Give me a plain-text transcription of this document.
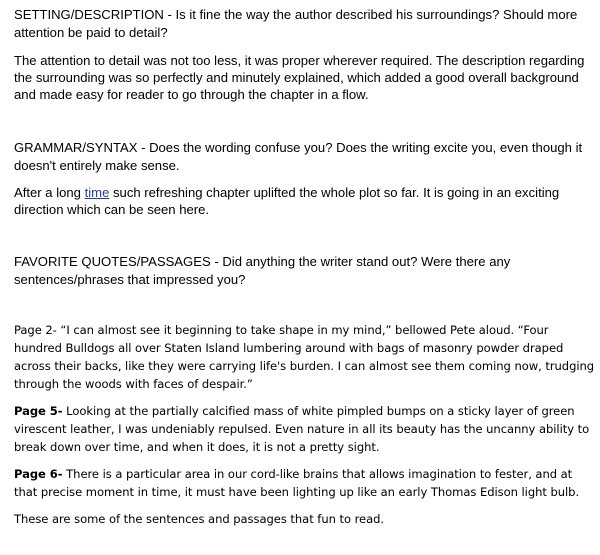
SETTING/DESCRIPTION - Is it fine the way the author described his surroundings? Should more attention be paid to detail?

The attention to detail was not too less, it was proper wherever required. The description regarding the surrounding was so perfectly and minutely explained, which added a good overall background and made easy for reader to go through the chapter in a flow.

GRAMMAR/SYNTAX - Does the wording confuse you? Does the writing excite you, even though it doesn't entirely make sense.

After a long time such refreshing chapter uplifted the whole plot so far. It is going in an exciting direction which can be seen here.

FAVORITE QUOTES/PASSAGES - Did anything the writer stand out? Were there any sentences/phrases that impressed you?

Page 2- “I can almost see it beginning to take shape in my mind,” bellowed Pete aloud. “Four hundred Bulldogs all over Staten Island lumbering around with bags of masonry powder draped across their backs, like they were carrying life's burden. I can almost see them coming now, trudging through the woods with faces of despair.”

Page 5- Looking at the partially calcified mass of white pimpled bumps on a sticky layer of green virescent leather, I was undeniably repulsed. Even nature in all its beauty has the uncanny ability to break down over time, and when it does, it is not a pretty sight.

Page 6- There is a particular area in our cord-like brains that allows imagination to fester, and at that precise moment in time, it must have been lighting up like an early Thomas Edison light bulb.

These are some of the sentences and passages that fun to read.
